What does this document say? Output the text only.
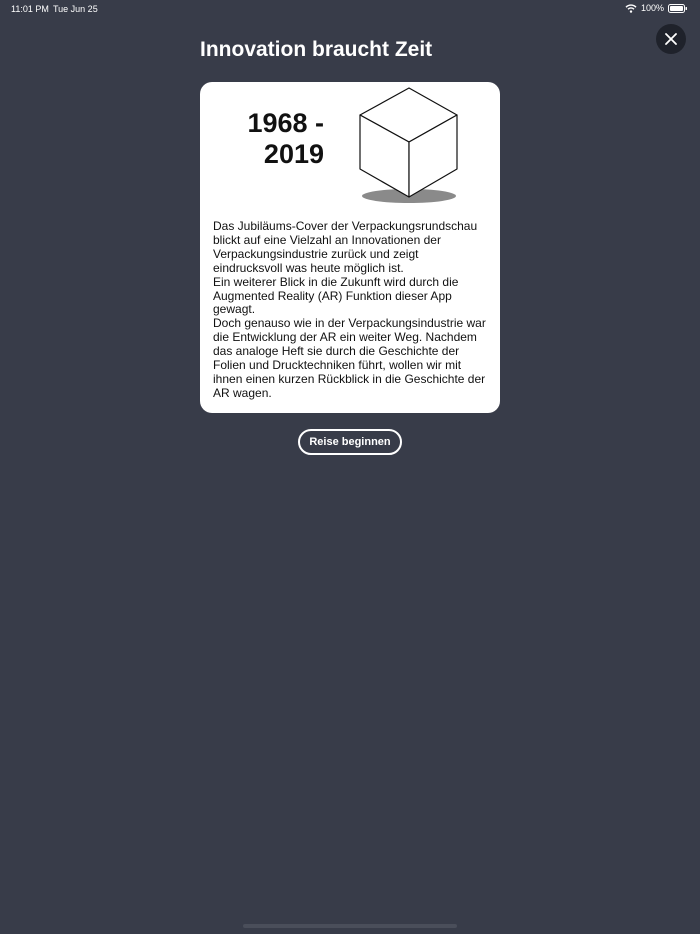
11:01 PM Tue Jun 25	100%
Innovation braucht Zeit
1968 -
2019

Das Jubiläums-Cover der Verpackungsrundschau blickt auf eine Vielzahl an Innovationen der Verpackungsindustrie zurück und zeigt eindrucksvoll was heute möglich ist.

Ein weiterer Blick in die Zukunft wird durch die Augmented Reality (AR) Funktion dieser App gewagt.

Doch genauso wie in der Verpackungsindustrie war die Entwicklung der AR ein weiter Weg. Nachdem das analoge Heft sie durch die Geschichte der Folien und Drucktechniken führt, wollen wir mit ihnen einen kurzen Rückblick in die Geschichte der AR wagen.

Reise beginnen
